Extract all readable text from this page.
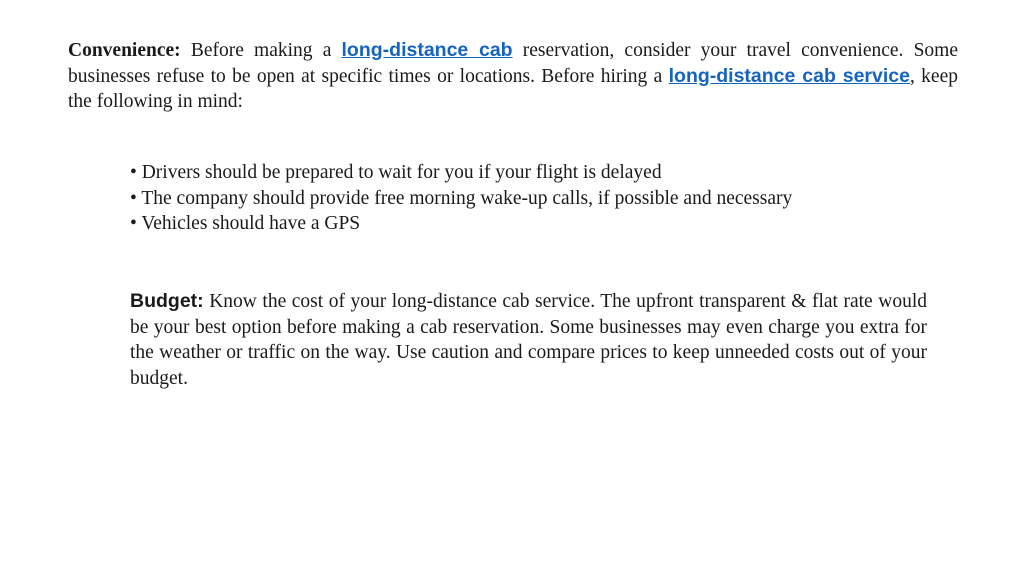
Convenience: Before making a long-distance cab reservation, consider your travel convenience. Some businesses refuse to be open at specific times or locations. Before hiring a long-distance cab service, keep the following in mind:

• Drivers should be prepared to wait for you if your flight is delayed
• The company should provide free morning wake-up calls, if possible and necessary
• Vehicles should have a GPS

Budget: Know the cost of your long-distance cab service. The upfront transparent & flat rate would be your best option before making a cab reservation. Some businesses may even charge you extra for the weather or traffic on the way. Use caution and compare prices to keep unneeded costs out of your budget.
